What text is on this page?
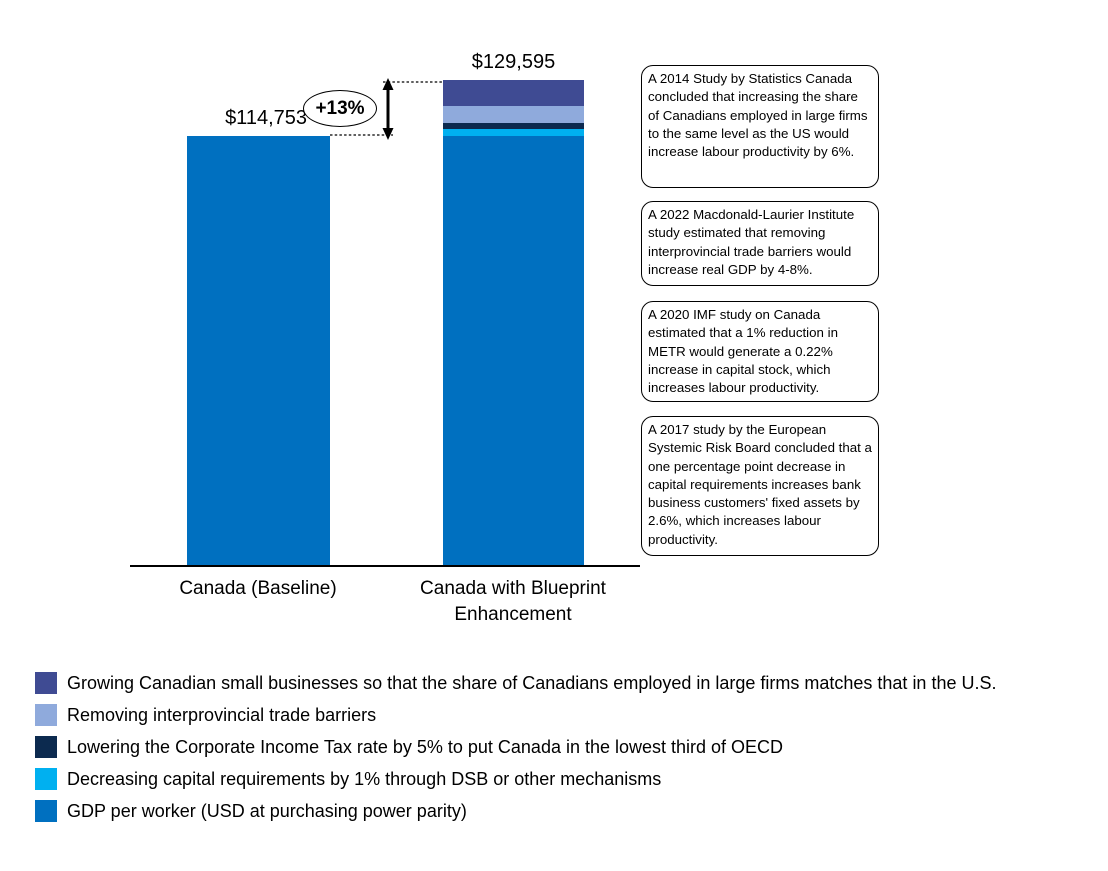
$114,753
$129,595
+13%
Canada (Baseline)	Canada with Blueprint Enhancement
A 2014 Study by Statistics Canada concluded that increasing the share of Canadians employed in large firms to the same level as the US would increase labour productivity by 6%.
A 2022 Macdonald-Laurier Institute study estimated that removing interprovincial trade barriers would increase real GDP by 4-8%.
A 2020 IMF study on Canada estimated that a 1% reduction in METR would generate a 0.22% increase in capital stock, which increases labour productivity.
A 2017 study by the European Systemic Risk Board concluded that a one percentage point decrease in capital requirements increases bank business customers' fixed assets by 2.6%, which increases labour productivity.
Growing Canadian small businesses so that the share of Canadians employed in large firms matches that in the U.S.
Removing interprovincial trade barriers
Lowering the Corporate Income Tax rate by 5% to put Canada in the lowest third of OECD
Decreasing capital requirements by 1% through DSB or other mechanisms
GDP per worker (USD at purchasing power parity)
